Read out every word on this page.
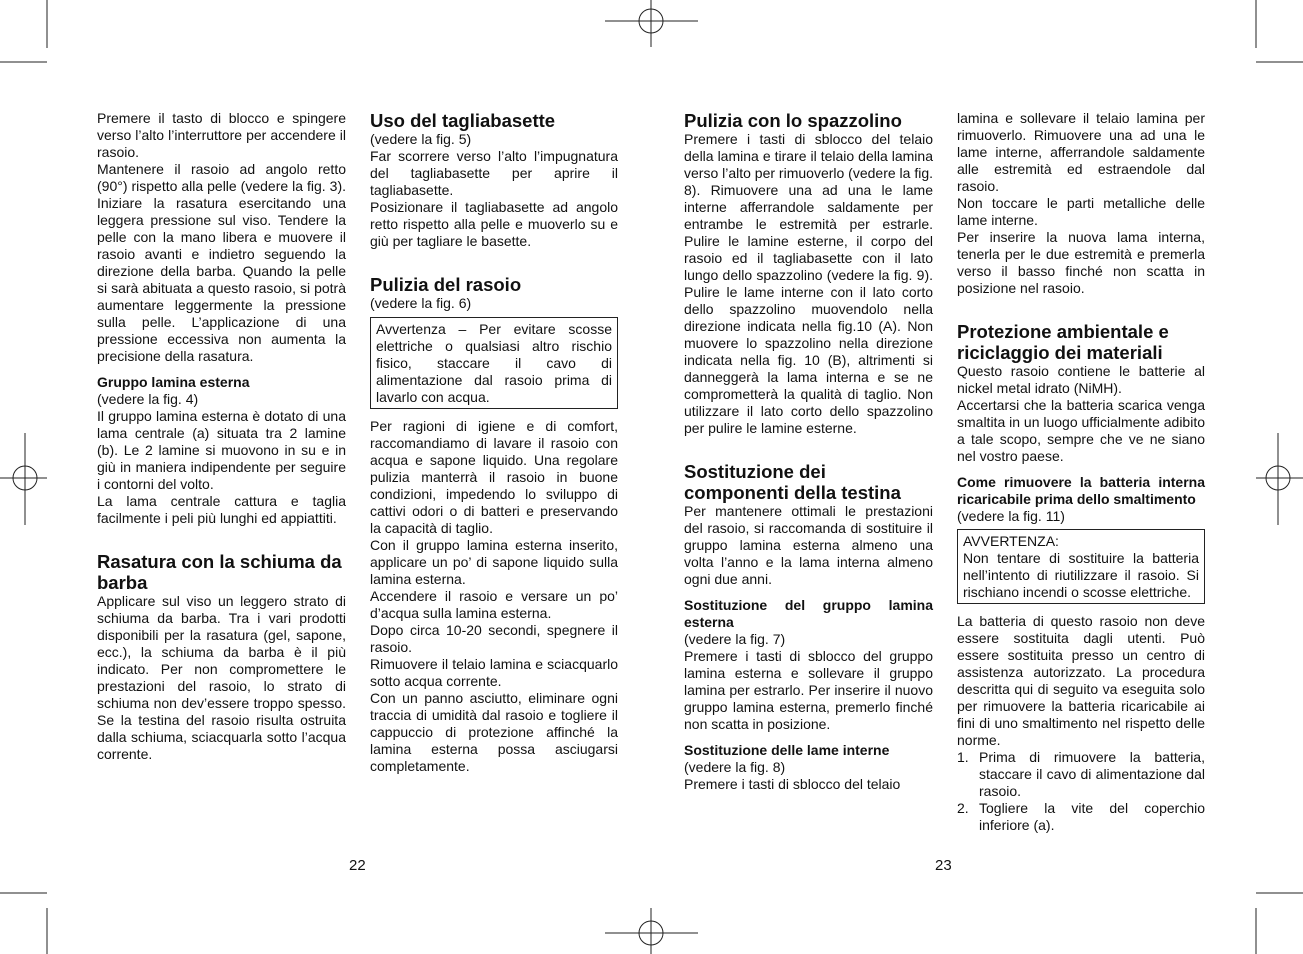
Premere il tasto di blocco e spingere verso l’alto l’interruttore per accendere il rasoio.

Mantenere il rasoio ad angolo retto (90°) rispetto alla pelle (vedere la fig. 3). Iniziare la rasatura esercitando una leggera pressione sul viso. Tendere la pelle con la mano libera e muovere il rasoio avanti e indietro seguendo la direzione della barba. Quando la pelle si sarà abituata a questo rasoio, si potrà aumentare leggermente la pressione sulla pelle. L’applicazione di una pressione eccessiva non aumenta la precisione della rasatura.

Gruppo lamina esterna

(vedere la fig. 4)

Il gruppo lamina esterna è dotato di una lama centrale (a) situata tra 2 lamine (b). Le 2 lamine si muovono in su e in giù in maniera indipendente per seguire i contorni del volto.

La lama centrale cattura e taglia facilmente i peli più lunghi ed appiattiti.

Rasatura con la schiuma da barba

Applicare sul viso un leggero strato di schiuma da barba. Tra i vari prodotti disponibili per la rasatura (gel, sapone, ecc.), la schiuma da barba è il più indicato. Per non compromettere le prestazioni del rasoio, lo strato di schiuma non dev’essere troppo spesso. Se la testina del rasoio risulta ostruita dalla schiuma, sciacquarla sotto l’acqua corrente.

Uso del tagliabasette

(vedere la fig. 5)

Far scorrere verso l’alto l’impugnatura del tagliabasette per aprire il tagliabasette.

Posizionare il tagliabasette ad angolo retto rispetto alla pelle e muoverlo su e giù per tagliare le basette.

Pulizia del rasoio

(vedere la fig. 6)

Avvertenza – Per evitare scosse elettriche o qualsiasi altro rischio fisico, staccare il cavo di alimentazione dal rasoio prima di lavarlo con acqua.

Per ragioni di igiene e di comfort, raccomandiamo di lavare il rasoio con acqua e sapone liquido. Una regolare pulizia manterrà il rasoio in buone condizioni, impedendo lo sviluppo di cattivi odori o di batteri e preservando la capacità di taglio.

Con il gruppo lamina esterna inserito, applicare un po’ di sapone liquido sulla lamina esterna.

Accendere il rasoio e versare un po’ d’acqua sulla lamina esterna.

Dopo circa 10-20 secondi, spegnere il rasoio.

Rimuovere il telaio lamina e sciacquarlo sotto acqua corrente.

Con un panno asciutto, eliminare ogni traccia di umidità dal rasoio e togliere il cappuccio di protezione affinché la lamina esterna possa asciugarsi completamente.

Pulizia con lo spazzolino

Premere i tasti di sblocco del telaio della lamina e tirare il telaio della lamina verso l’alto per rimuoverlo (vedere la fig. 8). Rimuovere una ad una le lame interne afferrandole saldamente per entrambe le estremità per estrarle. Pulire le lamine esterne, il corpo del rasoio ed il tagliabasette con il lato lungo dello spazzolino (vedere la fig. 9). Pulire le lame interne con il lato corto dello spazzolino muovendolo nella direzione indicata nella fig.10 (A). Non muovere lo spazzolino nella direzione indicata nella fig. 10 (B), altrimenti si danneggerà la lama interna e se ne comprometterà la qualità di taglio. Non utilizzare il lato corto dello spazzolino per pulire le lamine esterne.

Sostituzione dei componenti della testina

Per mantenere ottimali le prestazioni del rasoio, si raccomanda di sostituire il gruppo lamina esterna almeno una volta l’anno e la lama interna almeno ogni due anni.

Sostituzione del gruppo lamina esterna

(vedere la fig. 7)

Premere i tasti di sblocco del gruppo lamina esterna e sollevare il gruppo lamina per estrarlo. Per inserire il nuovo gruppo lamina esterna, premerlo finché non scatta in posizione.

Sostituzione delle lame interne

(vedere la fig. 8)

Premere i tasti di sblocco del telaio

lamina e sollevare il telaio lamina per rimuoverlo. Rimuovere una ad una le lame interne, afferrandole saldamente alle estremità ed estraendole dal rasoio.

Non toccare le parti metalliche delle lame interne.

Per inserire la nuova lama interna, tenerla per le due estremità e premerla verso il basso finché non scatta in posizione nel rasoio.

Protezione ambientale e riciclaggio dei materiali

Questo rasoio contiene le batterie al nickel metal idrato (NiMH).

Accertarsi che la batteria scarica venga smaltita in un luogo ufficialmente adibito a tale scopo, sempre che ve ne siano nel vostro paese.

Come rimuovere la batteria interna ricaricabile prima dello smaltimento

(vedere la fig. 11)

AVVERTENZA:

Non tentare di sostituire la batteria nell’intento di riutilizzare il rasoio. Si rischiano incendi o scosse elettriche.

La batteria di questo rasoio non deve essere sostituita dagli utenti. Può essere sostituita presso un centro di assistenza autorizzato. La procedura descritta qui di seguito va eseguita solo per rimuovere la batteria ricaricabile ai fini di uno smaltimento nel rispetto delle norme.

1. Prima di rimuovere la batteria, staccare il cavo di alimentazione dal rasoio.
2. Togliere la vite del coperchio inferiore (a).
22	23
